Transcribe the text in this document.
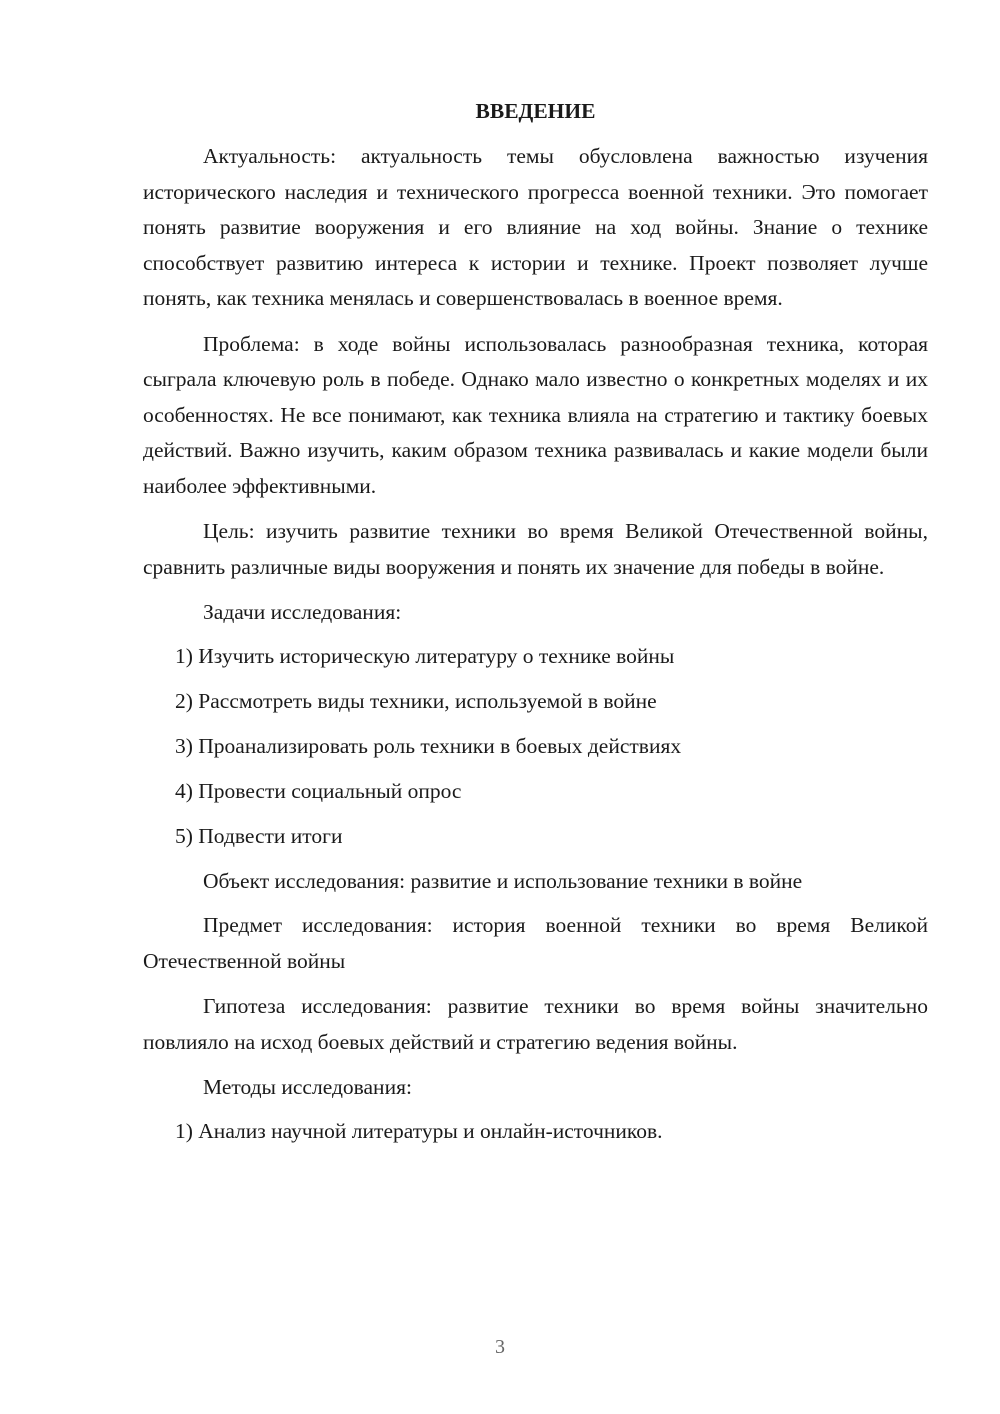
ВВЕДЕНИЕ

Актуальность: актуальность темы обусловлена важностью изучения исторического наследия и технического прогресса военной техники. Это помогает понять развитие вооружения и его влияние на ход войны. Знание о технике способствует развитию интереса к истории и технике. Проект позволяет лучше понять, как техника менялась и совершенствовалась в военное время.

Проблема: в ходе войны использовалась разнообразная техника, которая сыграла ключевую роль в победе. Однако мало известно о конкретных моделях и их особенностях. Не все понимают, как техника влияла на стратегию и тактику боевых действий. Важно изучить, каким образом техника развивалась и какие модели были наиболее эффективными.

Цель: изучить развитие техники во время Великой Отечественной войны, сравнить различные виды вооружения и понять их значение для победы в войне.

Задачи исследования:

1) Изучить историческую литературу о технике войны
2) Рассмотреть виды техники, используемой в войне
3) Проанализировать роль техники в боевых действиях
4) Провести социальный опрос
5) Подвести итоги

Объект исследования: развитие и использование техники в войне

Предмет исследования: история военной техники во время Великой Отечественной войны

Гипотеза исследования: развитие техники во время войны значительно повлияло на исход боевых действий и стратегию ведения войны.

Методы исследования:

1) Анализ научной литературы и онлайн-источников.
3
